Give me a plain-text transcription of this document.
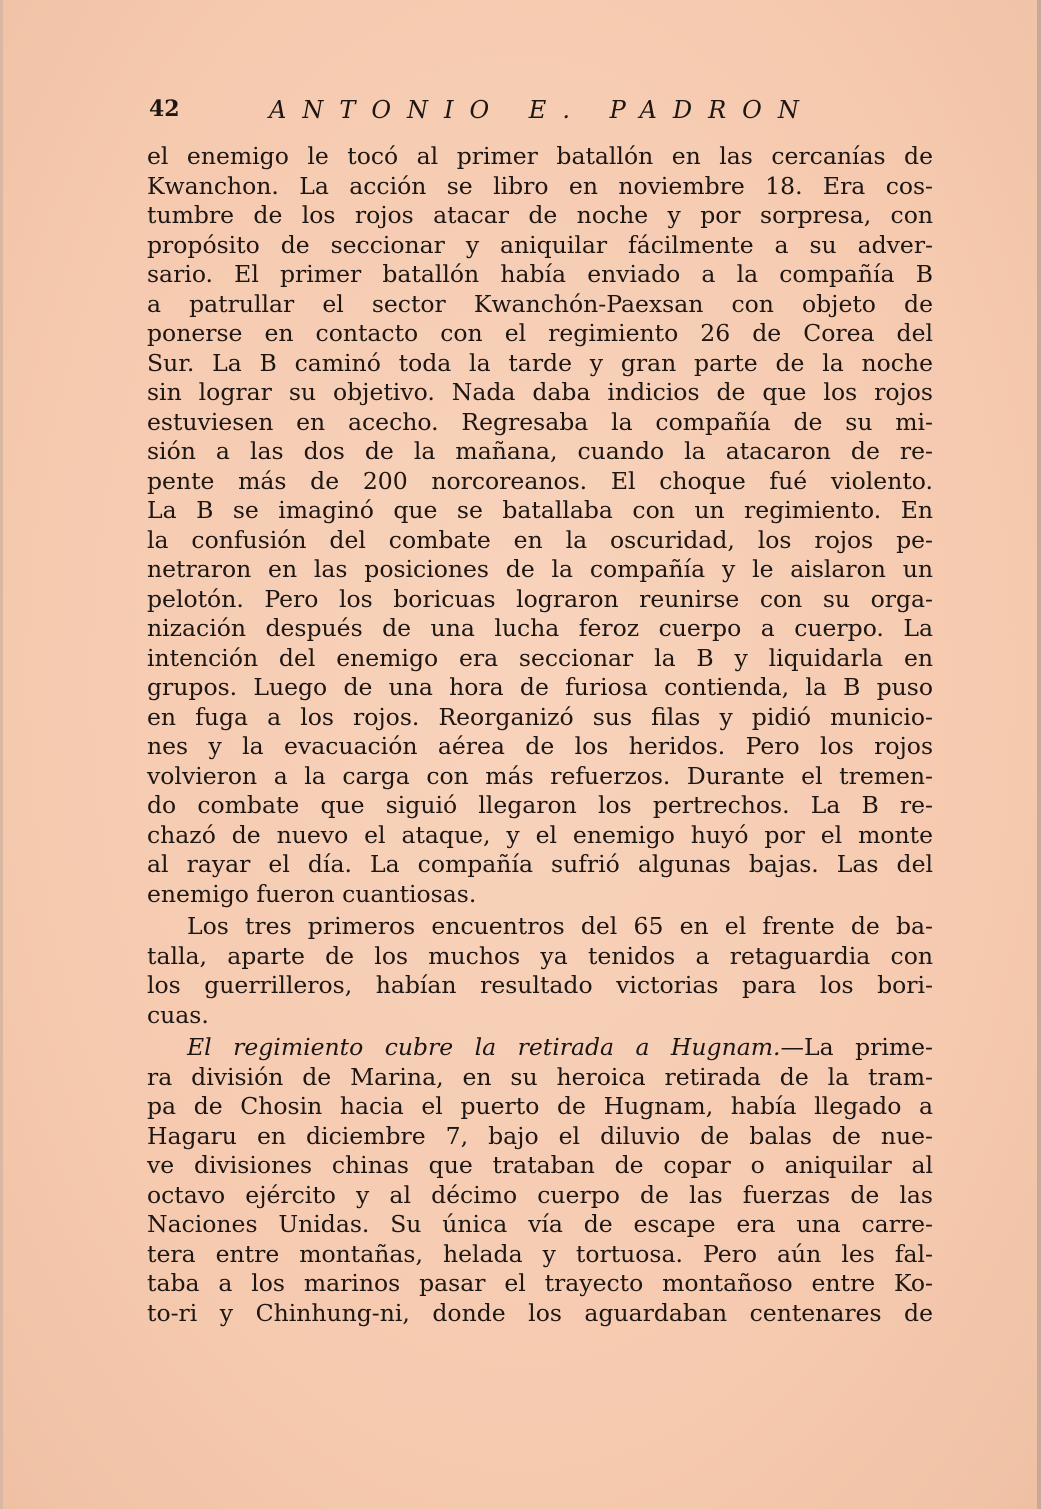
42	ANTONIO E. PADRON
el enemigo le tocó al primer batallón en las cercanías de
Kwanchon. La acción se libro en noviembre 18. Era cos-
tumbre de los rojos atacar de noche y por sorpresa, con
propósito de seccionar y aniquilar fácilmente a su adver-
sario. El primer batallón había enviado a la compañía B
a patrullar el sector Kwanchón-Paexsan con objeto de
ponerse en contacto con el regimiento 26 de Corea del
Sur. La B caminó toda la tarde y gran parte de la noche
sin lograr su objetivo. Nada daba indicios de que los rojos
estuviesen en acecho. Regresaba la compañía de su mi-
sión a las dos de la mañana, cuando la atacaron de re-
pente más de 200 norcoreanos. El choque fué violento.
La B se imaginó que se batallaba con un regimiento. En
la confusión del combate en la oscuridad, los rojos pe-
netraron en las posiciones de la compañía y le aislaron un
pelotón. Pero los boricuas lograron reunirse con su orga-
nización después de una lucha feroz cuerpo a cuerpo. La
intención del enemigo era seccionar la B y liquidarla en
grupos. Luego de una hora de furiosa contienda, la B puso
en fuga a los rojos. Reorganizó sus filas y pidió municio-
nes y la evacuación aérea de los heridos. Pero los rojos
volvieron a la carga con más refuerzos. Durante el tremen-
do combate que siguió llegaron los pertrechos. La B re-
chazó de nuevo el ataque, y el enemigo huyó por el monte
al rayar el día. La compañía sufrió algunas bajas. Las del
enemigo fueron cuantiosas.
Los tres primeros encuentros del 65 en el frente de ba-
talla, aparte de los muchos ya tenidos a retaguardia con
los guerrilleros, habían resultado victorias para los bori-
cuas.
El regimiento cubre la retirada a Hugnam.—La prime-
ra división de Marina, en su heroica retirada de la tram-
pa de Chosin hacia el puerto de Hugnam, había llegado a
Hagaru en diciembre 7, bajo el diluvio de balas de nue-
ve divisiones chinas que trataban de copar o aniquilar al
octavo ejército y al décimo cuerpo de las fuerzas de las
Naciones Unidas. Su única vía de escape era una carre-
tera entre montañas, helada y tortuosa. Pero aún les fal-
taba a los marinos pasar el trayecto montañoso entre Ko-
to-ri y Chinhung-ni, donde los aguardaban centenares de
